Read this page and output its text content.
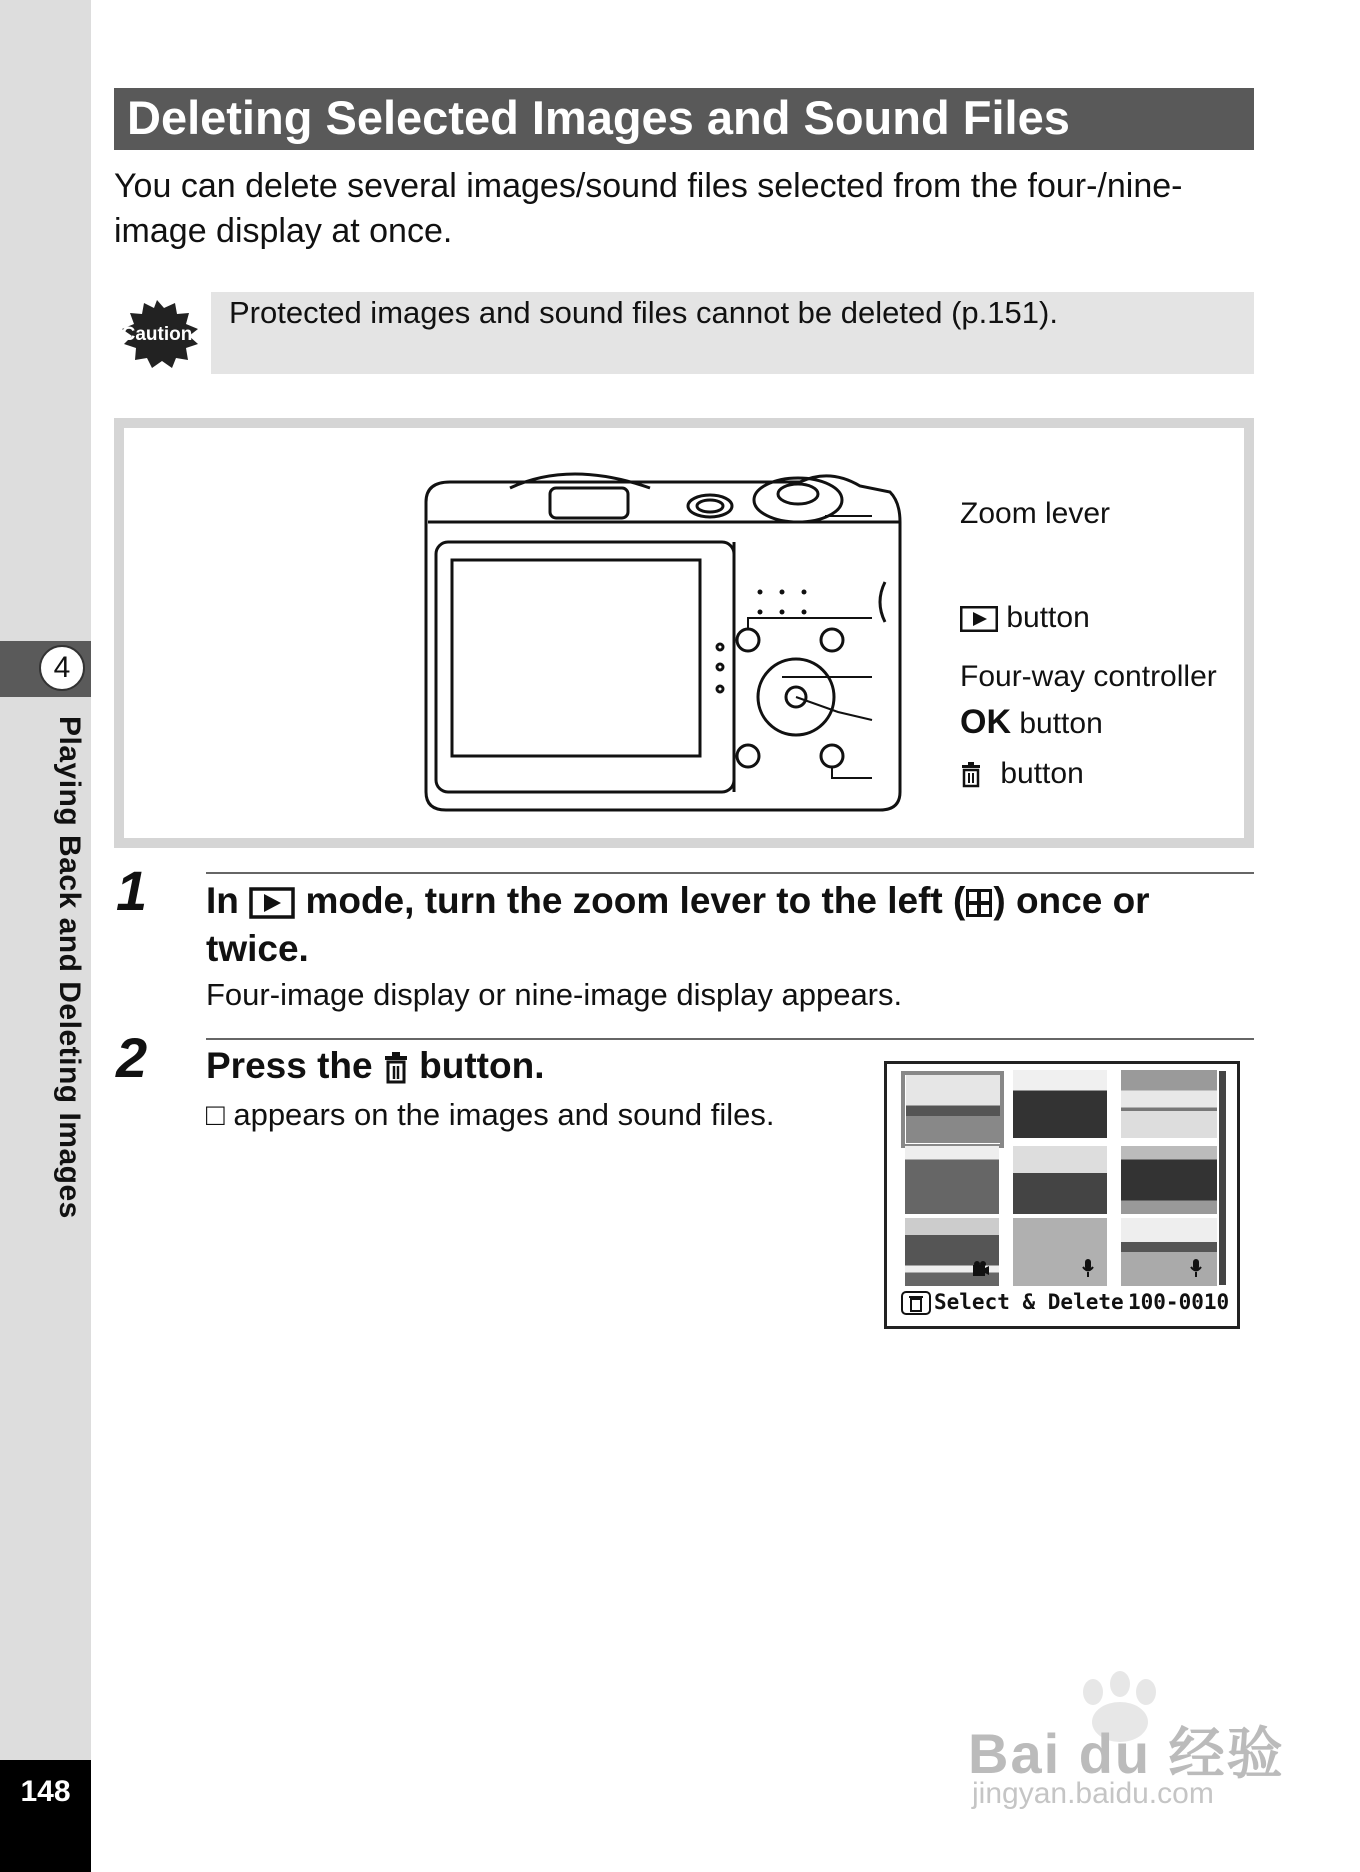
4
Playing Back and Deleting Images
148
Deleting Selected Images and Sound Files
You can delete several images/sound files selected from the four-/nine-image display at once.
Caution
Protected images and sound files cannot be deleted (p.151).
Zoom lever
button
Four-way controller
OK button
button
1 In mode, turn the zoom lever to the left ( ) once or twice.
Four-image display or nine-image display appears.
2 Press the button.
□ appears on the images and sound files.
Select & Delete 100-0010
Bai du 经验
jingyan.baidu.com
